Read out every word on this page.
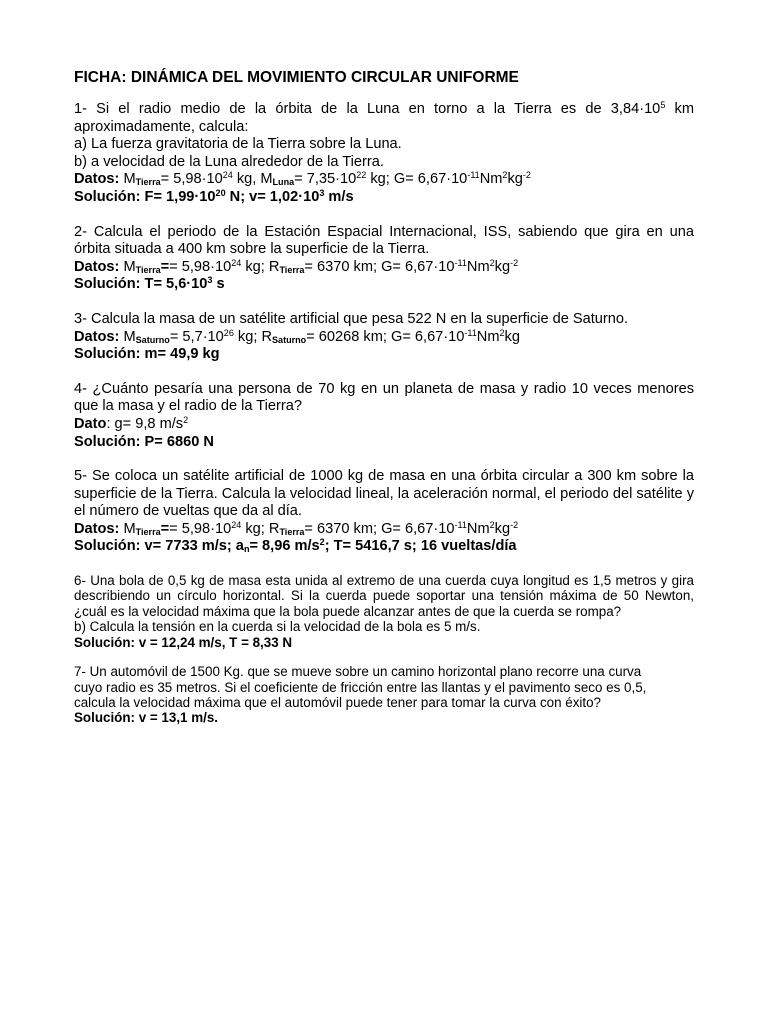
FICHA: DINÁMICA DEL MOVIMIENTO CIRCULAR UNIFORME

1- Si el radio medio de la órbita de la Luna en torno a la Tierra es de $3,84\cdot 10^5$ km aproximadamente, calcula:

a) La fuerza gravitatoria de la Tierra sobre la Luna.

b) a velocidad de la Luna alrededor de la Tierra.

Datos: $M_{Tierra}= 5,98\cdot 10^{24}$ kg, $M_{Luna}= 7,35\cdot 10^{22}$ kg; $G= 6,67\cdot 10^{-11}Nm^2kg^{-2}$

Solución: $F= 1,99\cdot 10^{20}$ N; $v= 1,02\cdot 10^3$ m/s

2- Calcula el periodo de la Estación Espacial Internacional, ISS, sabiendo que gira en una órbita situada a 400 km sobre la superficie de la Tierra.

Datos: $M_{Tierra}== 5,98\cdot 10^{24}$ kg; $R_{Tierra}= 6370$ km; $G= 6,67\cdot 10^{-11}Nm^2kg^{-2}$

Solución: $T= 5,6\cdot 10^3$ s

3- Calcula la masa de un satélite artificial que pesa 522 N en la superficie de Saturno.

Datos: $M_{Saturno}= 5,7\cdot 10^{26}$ kg; $R_{Saturno}= 60268$ km; $G= 6,67\cdot 10^{-11}Nm^2kg$

Solución: m= 49,9 kg

4- ¿Cuánto pesaría una persona de 70 kg en un planeta de masa y radio 10 veces menores que la masa y el radio de la Tierra?

Dato: g= 9,8 $m/s^2$

Solución: P= 6860 N

5- Se coloca un satélite artificial de 1000 kg de masa en una órbita circular a 300 km sobre la superficie de la Tierra. Calcula la velocidad lineal, la aceleración normal, el periodo del satélite y el número de vueltas que da al día.

Datos: $M_{Tierra}== 5,98\cdot 10^{24}$ kg; $R_{Tierra}= 6370$ km; $G= 6,67\cdot 10^{-11}Nm^2kg^{-2}$

Solución: v= 7733 m/s; $a_n= 8,96$ $m/s^2$; T= 5416,7 s; 16 vueltas/día

6- Una bola de 0,5 kg de masa esta unida al extremo de una cuerda cuya longitud es 1,5 metros y gira describiendo un círculo horizontal. Si la cuerda puede soportar una tensión máxima de 50 Newton, ¿cuál es la velocidad máxima que la bola puede alcanzar antes de que la cuerda se rompa?

b) Calcula la tensión en la cuerda si la velocidad de la bola es 5 m/s.

Solución: v = 12,24 m/s, T = 8,33 N

7- Un automóvil de 1500 Kg. que se mueve sobre un camino horizontal plano recorre una curva

cuyo radio es 35 metros. Si el coeficiente de fricción entre las llantas y el pavimento seco es 0,5,

calcula la velocidad máxima que el automóvil puede tener para tomar la curva con éxito?

Solución: v = 13,1 m/s.
